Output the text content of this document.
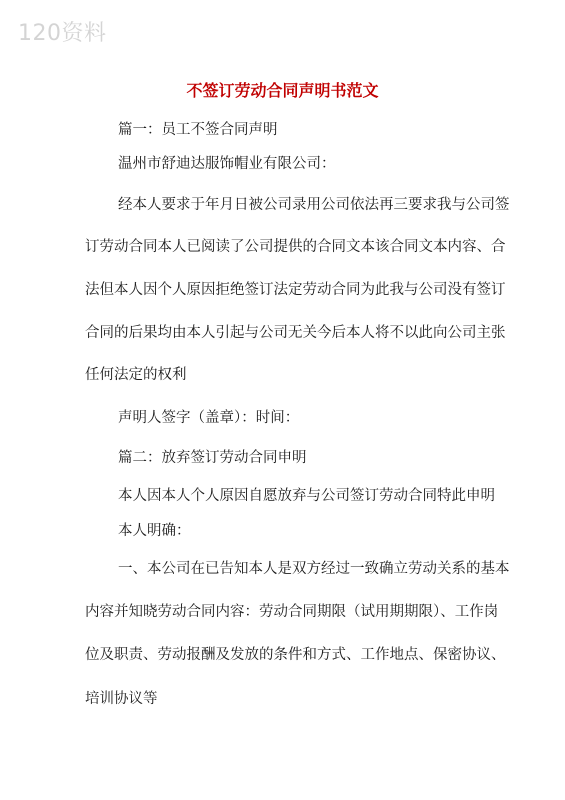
120资料
不签订劳动合同声明书范文
篇一：员工不签合同声明
温州市舒迪达服饰帽业有限公司：
经本人要求于年月日被公司录用公司依法再三要求我与公司签
订劳动合同本人已阅读了公司提供的合同文本该合同文本内容、合
法但本人因个人原因拒绝签订法定劳动合同为此我与公司没有签订
合同的后果均由本人引起与公司无关今后本人将不以此向公司主张
任何法定的权利
声明人签字（盖章）：时间：
篇二：放弃签订劳动合同申明
本人因本人个人原因自愿放弃与公司签订劳动合同特此申明
本人明确：
一、本公司在已告知本人是双方经过一致确立劳动关系的基本
内容并知晓劳动合同内容：劳动合同期限（试用期期限）、工作岗
位及职责、劳动报酬及发放的条件和方式、工作地点、保密协议、
培训协议等
